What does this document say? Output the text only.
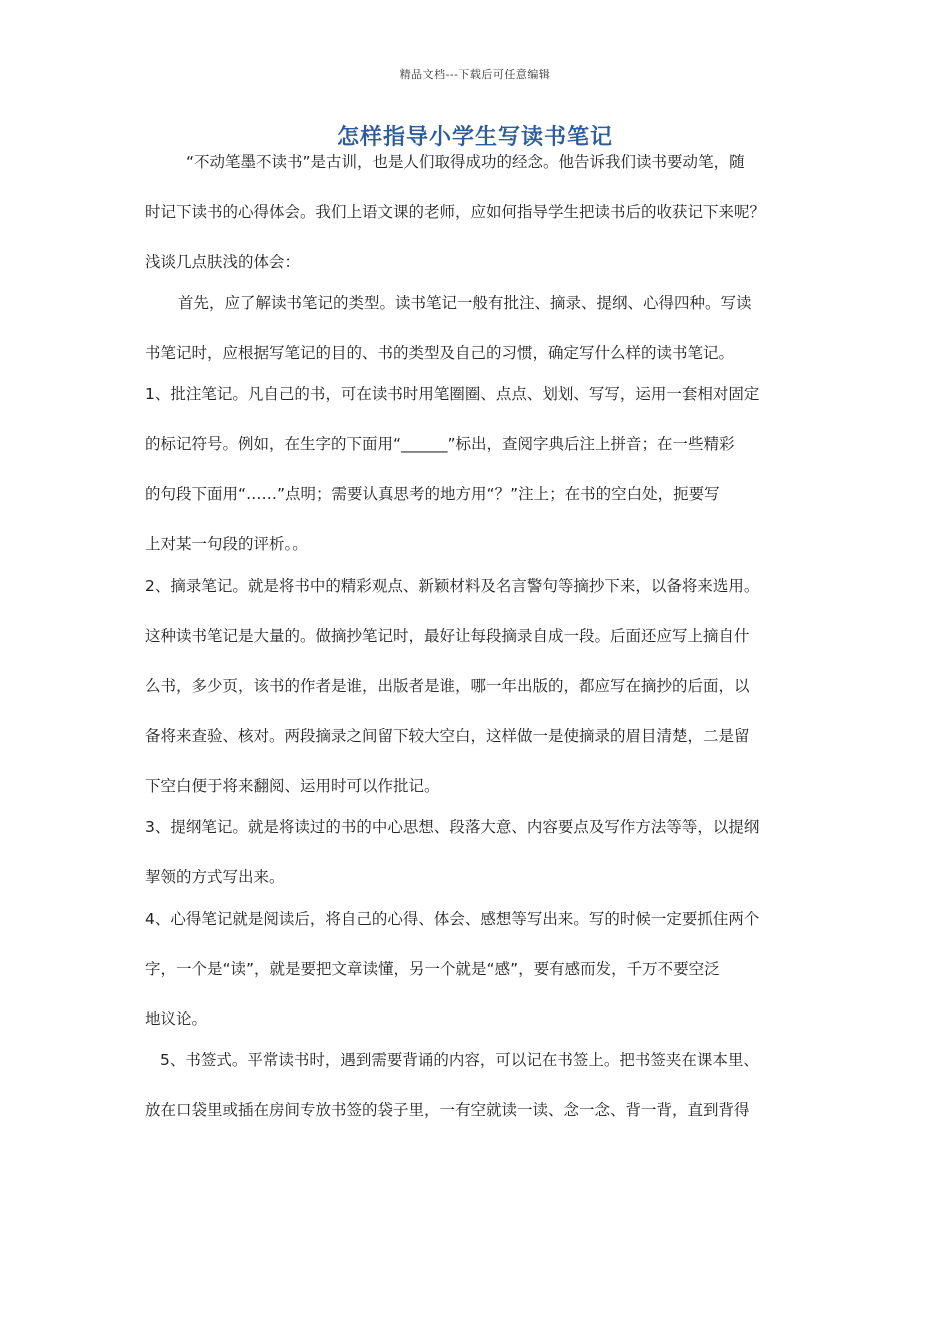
精品文档---下载后可任意编辑
怎样指导小学生写读书笔记
“不动笔墨不读书”是古训，也是人们取得成功的经念。他告诉我们读书要动笔，随
时记下读书的心得体会。我们上语文课的老师，应如何指导学生把读书后的收获记下来呢？
浅谈几点肤浅的体会：
首先，应了解读书笔记的类型。读书笔记一般有批注、摘录、提纲、心得四种。写读
书笔记时，应根据写笔记的目的、书的类型及自己的习惯，确定写什么样的读书笔记。
1、批注笔记。凡自己的书，可在读书时用笔圈圈、点点、划划、写写，运用一套相对固定
的标记符号。例如，在生字的下面用“______”标出，查阅字典后注上拼音；在一些精彩
的句段下面用“……”点明；需要认真思考的地方用“？”注上；在书的空白处，扼要写
上对某一句段的评析。。
2、摘录笔记。就是将书中的精彩观点、新颖材料及名言警句等摘抄下来，以备将来选用。
这种读书笔记是大量的。做摘抄笔记时，最好让每段摘录自成一段。后面还应写上摘自什
么书，多少页，该书的作者是谁，出版者是谁，哪一年出版的，都应写在摘抄的后面，以
备将来查验、核对。两段摘录之间留下较大空白，这样做一是使摘录的眉目清楚，二是留
下空白便于将来翻阅、运用时可以作批记。
3、提纲笔记。就是将读过的书的中心思想、段落大意、内容要点及写作方法等等，以提纲
挈领的方式写出来。
4、心得笔记就是阅读后，将自己的心得、体会、感想等写出来。写的时候一定要抓住两个
字，一个是“读”，就是要把文章读懂，另一个就是“感”，要有感而发，千万不要空泛
地议论。
5、书签式。平常读书时，遇到需要背诵的内容，可以记在书签上。把书签夹在课本里、
放在口袋里或插在房间专放书签的袋子里，一有空就读一读、念一念、背一背，直到背得
